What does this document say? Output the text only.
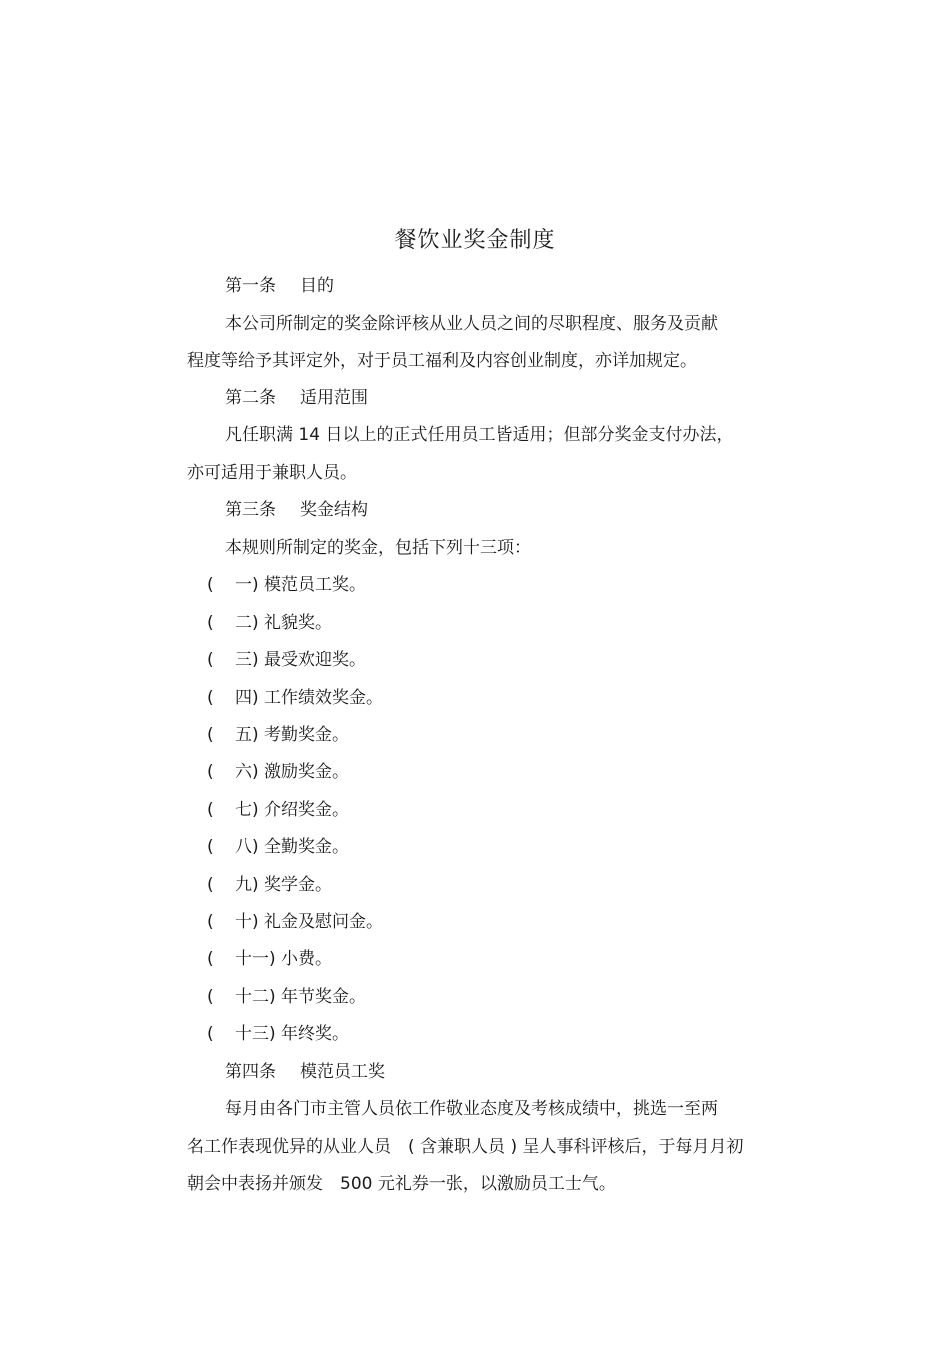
餐饮业奖金制度
第一条 目的
本公司所制定的奖金除评核从业人员之间的尽职程度、服务及贡献
程度等给予其评定外，对于员工福利及内容创业制度，亦详加规定。
第二条 适用范围
凡任职满 14 日以上的正式任用员工皆适用；但部分奖金支付办法，
亦可适用于兼职人员。
第三条 奖金结构
本规则所制定的奖金，包括下列十三项：
( 一) 模范员工奖。
( 二) 礼貌奖。
( 三) 最受欢迎奖。
( 四) 工作绩效奖金。
( 五) 考勤奖金。
( 六) 激励奖金。
( 七) 介绍奖金。
( 八) 全勤奖金。
( 九) 奖学金。
( 十) 礼金及慰问金。
( 十一) 小费。
( 十二) 年节奖金。
( 十三) 年终奖。
第四条 模范员工奖
每月由各门市主管人员依工作敬业态度及考核成绩中，挑选一至两
名工作表现优异的从业人员　( 含兼职人员 ) 呈人事科评核后，于每月月初
朝会中表扬并颁发　500 元礼券一张，以激励员工士气。
